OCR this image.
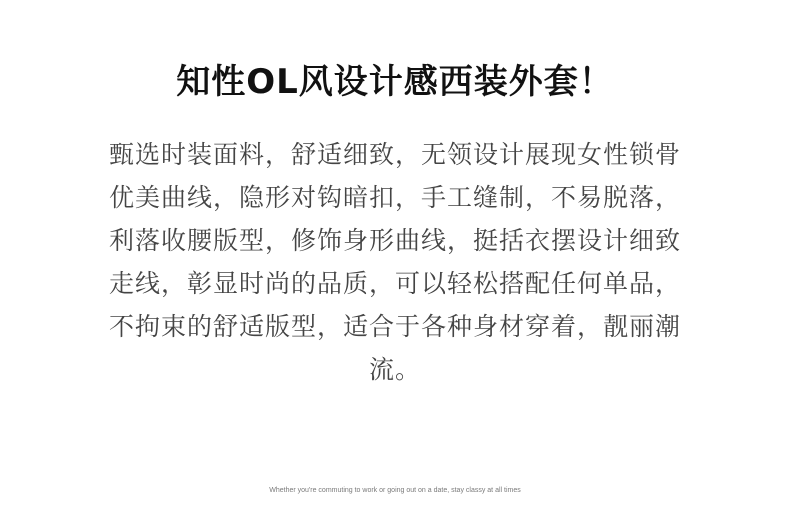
知性OL风设计感西装外套！
甄选时装面料，舒适细致，无领设计展现女性锁骨
优美曲线，隐形对钩暗扣，手工缝制，不易脱落，
利落收腰版型，修饰身形曲线，挺括衣摆设计细致
走线，彰显时尚的品质，可以轻松搭配任何单品，
不拘束的舒适版型，适合于各种身材穿着，靓丽潮
流。
Whether you're commuting to work or going out on a date, stay classy at all times
